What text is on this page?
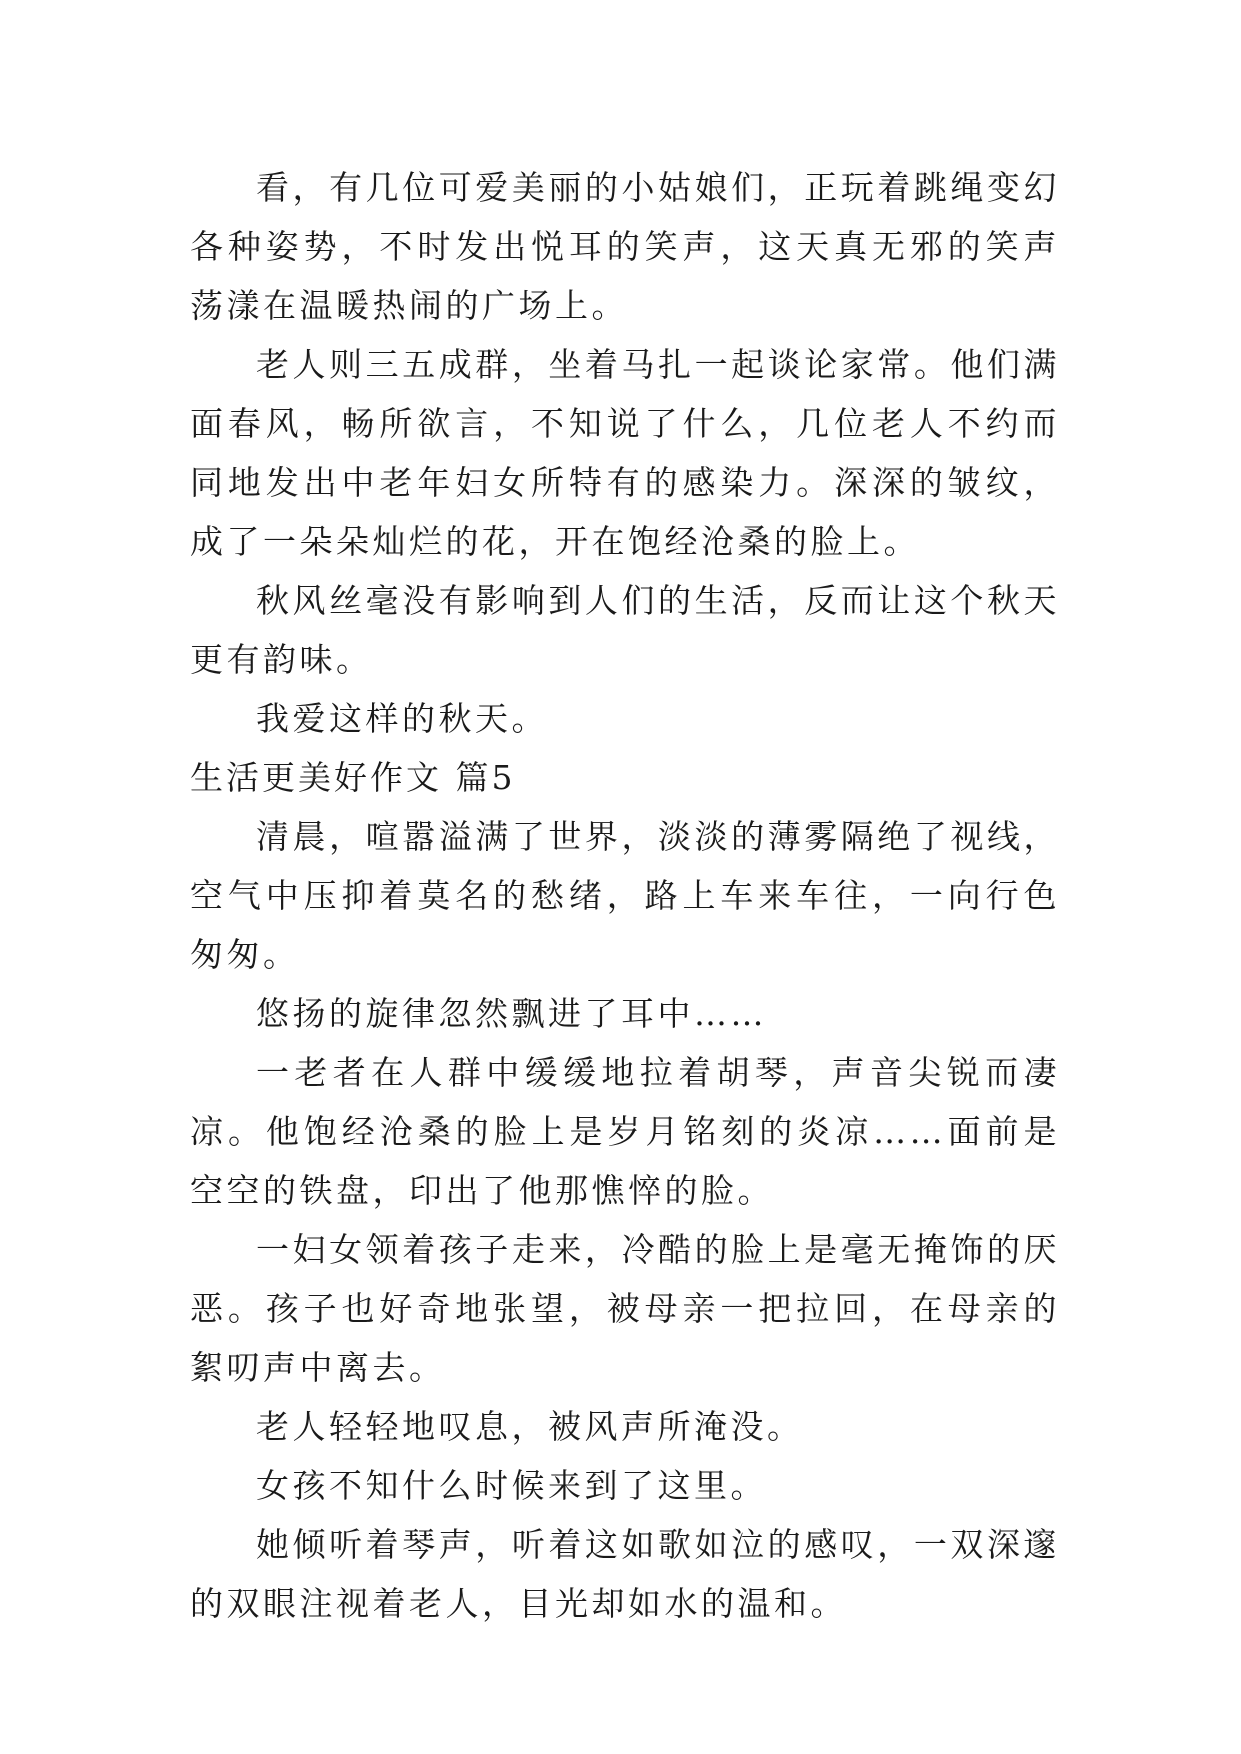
看，有几位可爱美丽的小姑娘们，正玩着跳绳变幻各种姿势，不时发出悦耳的笑声，这天真无邪的笑声荡漾在温暖热闹的广场上。

老人则三五成群，坐着马扎一起谈论家常。他们满面春风，畅所欲言，不知说了什么，几位老人不约而同地发出中老年妇女所特有的感染力。深深的皱纹，成了一朵朵灿烂的花，开在饱经沧桑的脸上。

秋风丝毫没有影响到人们的生活，反而让这个秋天更有韵味。

我爱这样的秋天。

生活更美好作文 篇5

清晨，喧嚣溢满了世界，淡淡的薄雾隔绝了视线，空气中压抑着莫名的愁绪，路上车来车往，一向行色匆匆。

悠扬的旋律忽然飘进了耳中……

一老者在人群中缓缓地拉着胡琴，声音尖锐而凄凉。他饱经沧桑的脸上是岁月铭刻的炎凉……面前是空空的铁盘，印出了他那憔悴的脸。

一妇女领着孩子走来，冷酷的脸上是毫无掩饰的厌恶。孩子也好奇地张望，被母亲一把拉回，在母亲的絮叨声中离去。

老人轻轻地叹息，被风声所淹没。

女孩不知什么时候来到了这里。

她倾听着琴声，听着这如歌如泣的感叹，一双深邃的双眼注视着老人，目光却如水的温和。
